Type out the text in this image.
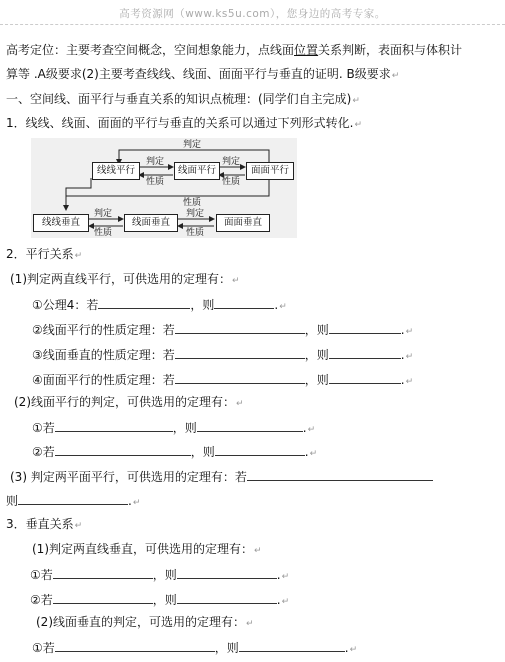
高考资源网（www.ks5u.com），您身边的高考专家。
高考定位：主要考查空间概念，空间想象能力，点线面位置关系判断，表面积与体积计
算等 .A级要求(2)主要考查线线、线面、面面平行与垂直的证明. B级要求↵
一、空间线、面平行与垂直关系的知识点梳理：(同学们自主完成)↵
1．线线、线面、面面的平行与垂直的关系可以通过下列形式转化.↵
判定
线线平行	线面平行	面面平行
判定
性质
判定
性质
性质
线线垂直	线面垂直	面面垂直
判定
性质
判定
性质
2．平行关系↵
(1)判定两直线平行，可供选用的定理有：↵
①公理4：若	，则	.↵
②线面平行的性质定理：若	，则	.↵
③线面垂直的性质定理：若	，则	.↵
④面面平行的性质定理：若	，则	.↵
(2)线面平行的判定，可供选用的定理有：↵
①若	，则	.↵
②若	，则	.↵
(3) 判定两平面平行，可供选用的定理有：若
则	.↵
3．垂直关系↵
(1)判定两直线垂直，可供选用的定理有：↵
①若	，则	.↵
②若	，则	.↵
(2)线面垂直的判定，可选用的定理有：↵
①若	，则	.↵
